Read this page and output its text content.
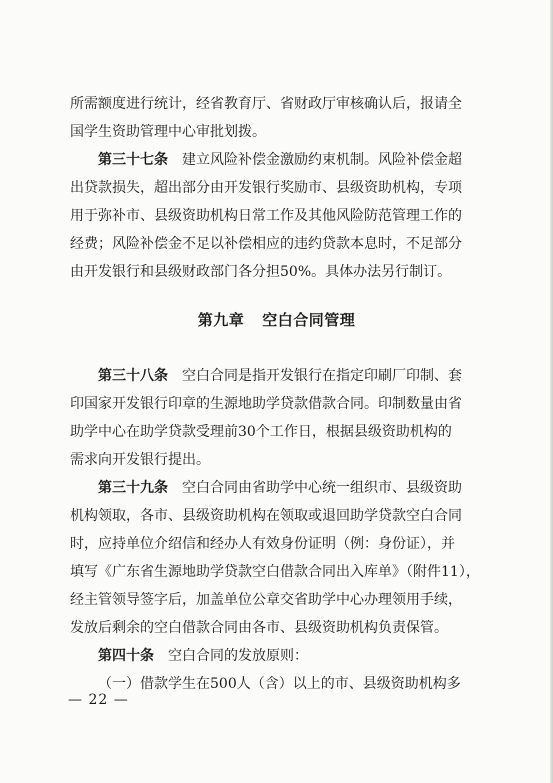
所需额度进行统计，经省教育厅、省财政厅审核确认后，报请全
国学生资助管理中心审批划拨。
第三十七条 建立风险补偿金激励约束机制。风险补偿金超
出贷款损失，超出部分由开发银行奖励市、县级资助机构，专项
用于弥补市、县级资助机构日常工作及其他风险防范管理工作的
经费；风险补偿金不足以补偿相应的违约贷款本息时，不足部分
由开发银行和县级财政部门各分担50%。具体办法另行制订。
第九章 空白合同管理
第三十八条 空白合同是指开发银行在指定印刷厂印制、套
印国家开发银行印章的生源地助学贷款借款合同。印制数量由省
助学中心在助学贷款受理前30个工作日，根据县级资助机构的
需求向开发银行提出。
第三十九条 空白合同由省助学中心统一组织市、县级资助
机构领取，各市、县级资助机构在领取或退回助学贷款空白合同
时，应持单位介绍信和经办人有效身份证明（例：身份证），并
填写《广东省生源地助学贷款空白借款合同出入库单》（附件11），
经主管领导签字后，加盖单位公章交省助学中心办理领用手续，
发放后剩余的空白借款合同由各市、县级资助机构负责保管。
第四十条 空白合同的发放原则：
（一）借款学生在500人（含）以上的市、县级资助机构多
— 22 —
